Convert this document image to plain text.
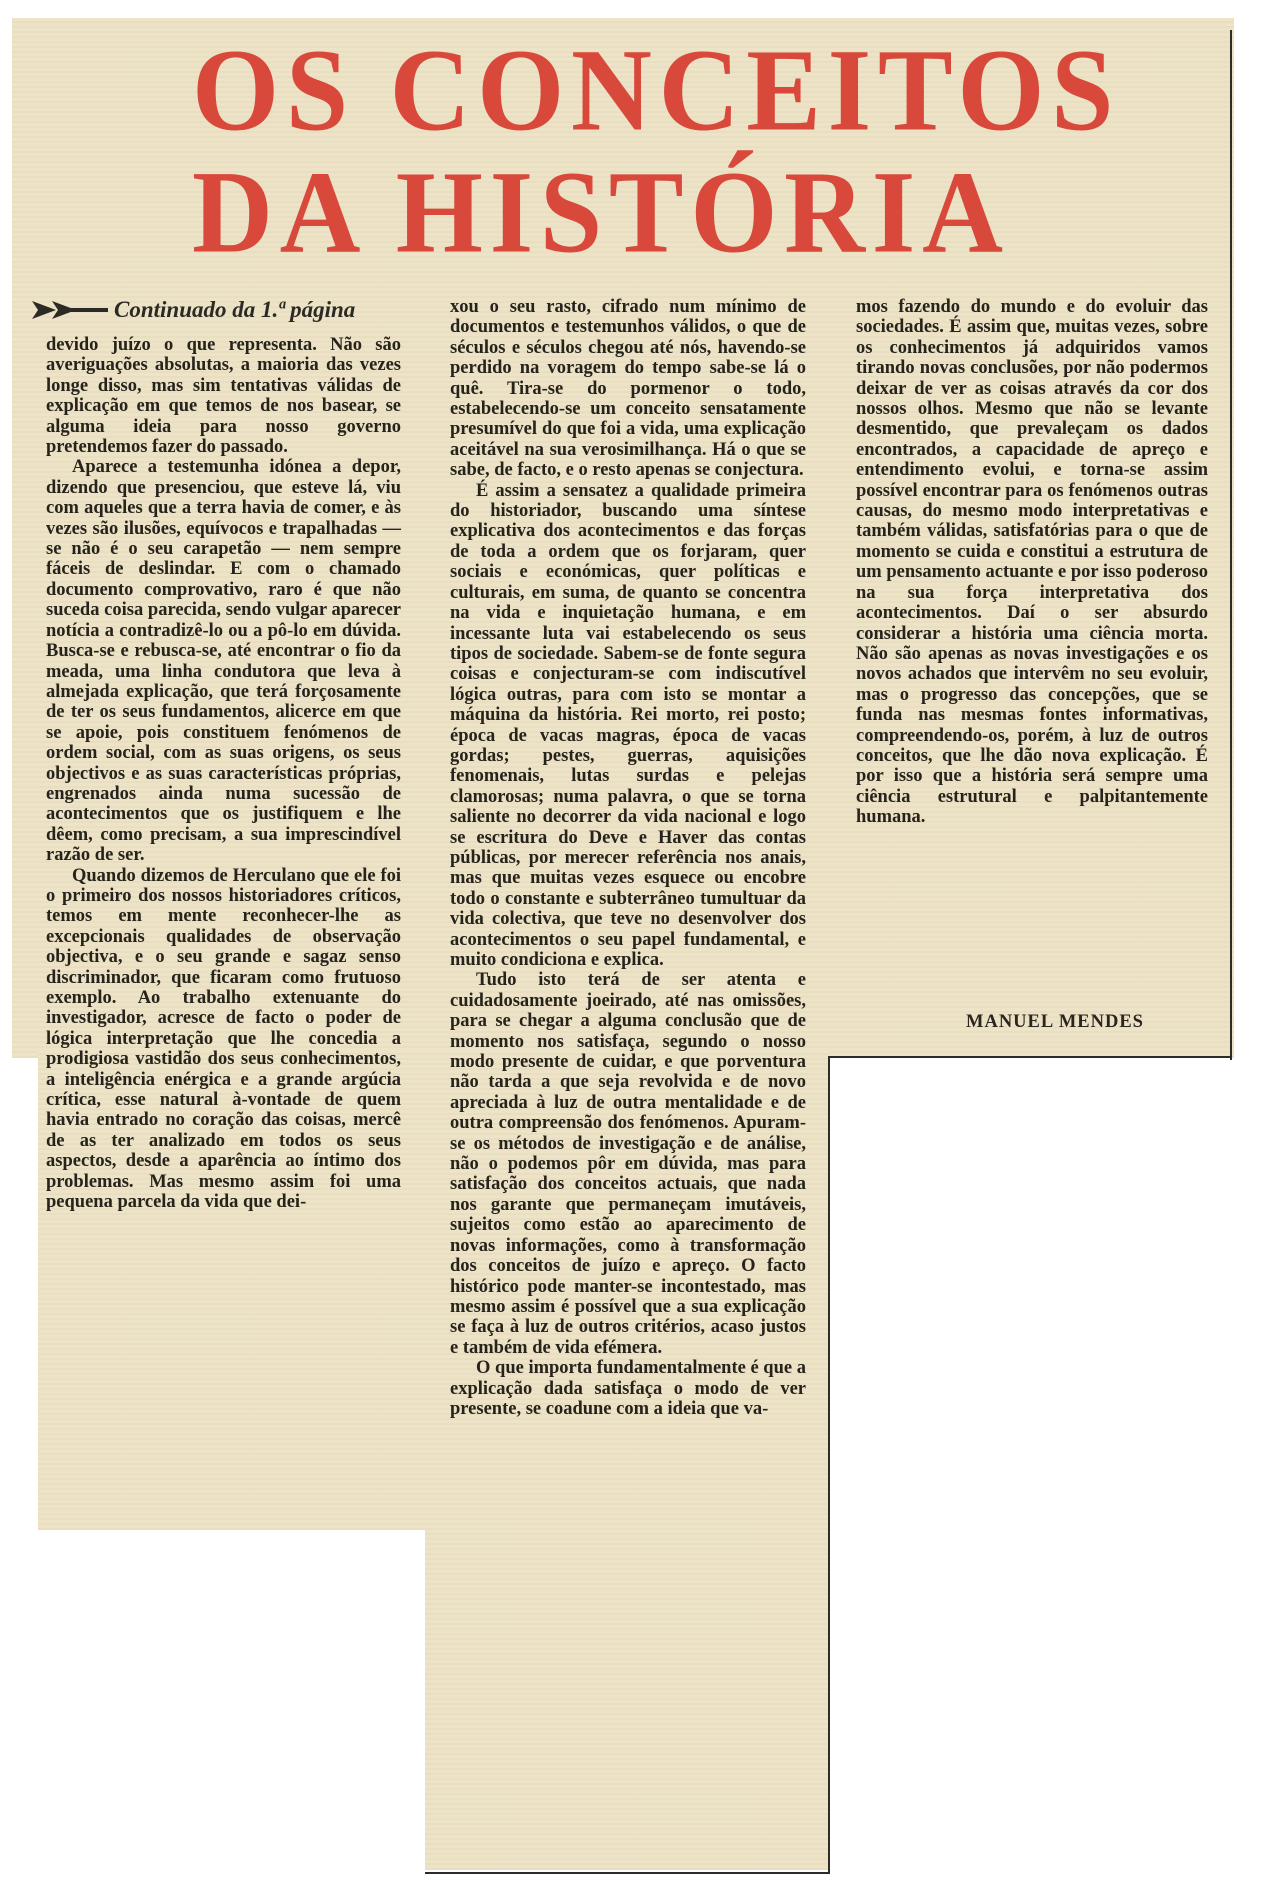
OS CONCEITOS
DA HISTÓRIA
Continuado da 1.ª página

devido juízo o que representa. Não são averiguações absolutas, a maioria das vezes longe disso, mas sim tentativas válidas de explicação em que temos de nos basear, se alguma ideia para nosso governo pretendemos fazer do passado.

Aparece a testemunha idónea a depor, dizendo que presenciou, que esteve lá, viu com aqueles que a terra havia de comer, e às vezes são ilusões, equívocos e trapalhadas — se não é o seu carapetão — nem sempre fáceis de deslindar. E com o chamado documento comprovativo, raro é que não suceda coisa parecida, sendo vulgar aparecer notícia a contradizê-lo ou a pô-lo em dúvida. Busca-se e rebusca-se, até encontrar o fio da meada, uma linha condutora que leva à almejada explicação, que terá forçosamente de ter os seus fundamentos, alicerce em que se apoie, pois constituem fenómenos de ordem social, com as suas origens, os seus objectivos e as suas características próprias, engrenados ainda numa sucessão de acontecimentos que os justifiquem e lhe dêem, como precisam, a sua imprescindível razão de ser.

Quando dizemos de Herculano que ele foi o primeiro dos nossos historiadores críticos, temos em mente reconhecer-lhe as excepcionais qualidades de observação objectiva, e o seu grande e sagaz senso discriminador, que ficaram como frutuoso exemplo. Ao trabalho extenuante do investigador, acresce de facto o poder de lógica interpretação que lhe concedia a prodigiosa vastidão dos seus conhecimentos, a inteligência enérgica e a grande argúcia crítica, esse natural à-vontade de quem havia entrado no coração das coisas, mercê de as ter analizado em todos os seus aspectos, desde a aparência ao íntimo dos problemas. Mas mesmo assim foi uma pequena parcela da vida que dei-

xou o seu rasto, cifrado num mínimo de documentos e testemunhos válidos, o que de séculos e séculos chegou até nós, havendo-se perdido na voragem do tempo sabe-se lá o quê. Tira-se do pormenor o todo, estabelecendo-se um conceito sensatamente presumível do que foi a vida, uma explicação aceitável na sua verosimilhança. Há o que se sabe, de facto, e o resto apenas se conjectura.

É assim a sensatez a qualidade primeira do historiador, buscando uma síntese explicativa dos acontecimentos e das forças de toda a ordem que os forjaram, quer sociais e económicas, quer políticas e culturais, em suma, de quanto se concentra na vida e inquietação humana, e em incessante luta vai estabelecendo os seus tipos de sociedade. Sabem-se de fonte segura coisas e conjecturam-se com indiscutível lógica outras, para com isto se montar a máquina da história. Rei morto, rei posto; época de vacas magras, época de vacas gordas; pestes, guerras, aquisições fenomenais, lutas surdas e pelejas clamorosas; numa palavra, o que se torna saliente no decorrer da vida nacional e logo se escritura do Deve e Haver das contas públicas, por merecer referência nos anais, mas que muitas vezes esquece ou encobre todo o constante e subterrâneo tumultuar da vida colectiva, que teve no desenvolver dos acontecimentos o seu papel fundamental, e muito condiciona e explica.

Tudo isto terá de ser atenta e cuidadosamente joeirado, até nas omissões, para se chegar a alguma conclusão que de momento nos satisfaça, segundo o nosso modo presente de cuidar, e que porventura não tarda a que seja revolvida e de novo apreciada à luz de outra mentalidade e de outra compreensão dos fenómenos. Apuram-se os métodos de investigação e de análise, não o podemos pôr em dúvida, mas para satisfação dos conceitos actuais, que nada nos garante que permaneçam imutáveis, sujeitos como estão ao aparecimento de novas informações, como à transformação dos conceitos de juízo e apreço. O facto histórico pode manter-se incontestado, mas mesmo assim é possível que a sua explicação se faça à luz de outros critérios, acaso justos e também de vida efémera.

O que importa fundamentalmente é que a explicação dada satisfaça o modo de ver presente, se coadune com a ideia que va-

mos fazendo do mundo e do evoluir das sociedades. É assim que, muitas vezes, sobre os conhecimentos já adquiridos vamos tirando novas conclusões, por não podermos deixar de ver as coisas através da cor dos nossos olhos. Mesmo que não se levante desmentido, que prevaleçam os dados encontrados, a capacidade de apreço e entendimento evolui, e torna-se assim possível encontrar para os fenómenos outras causas, do mesmo modo interpretativas e também válidas, satisfatórias para o que de momento se cuida e constitui a estrutura de um pensamento actuante e por isso poderoso na sua força interpretativa dos acontecimentos. Daí o ser absurdo considerar a história uma ciência morta. Não são apenas as novas investigações e os novos achados que intervêm no seu evoluir, mas o progresso das concepções, que se funda nas mesmas fontes informativas, compreendendo-os, porém, à luz de outros conceitos, que lhe dão nova explicação. É por isso que a história será sempre uma ciência estrutural e palpitantemente humana.

MANUEL MENDES
